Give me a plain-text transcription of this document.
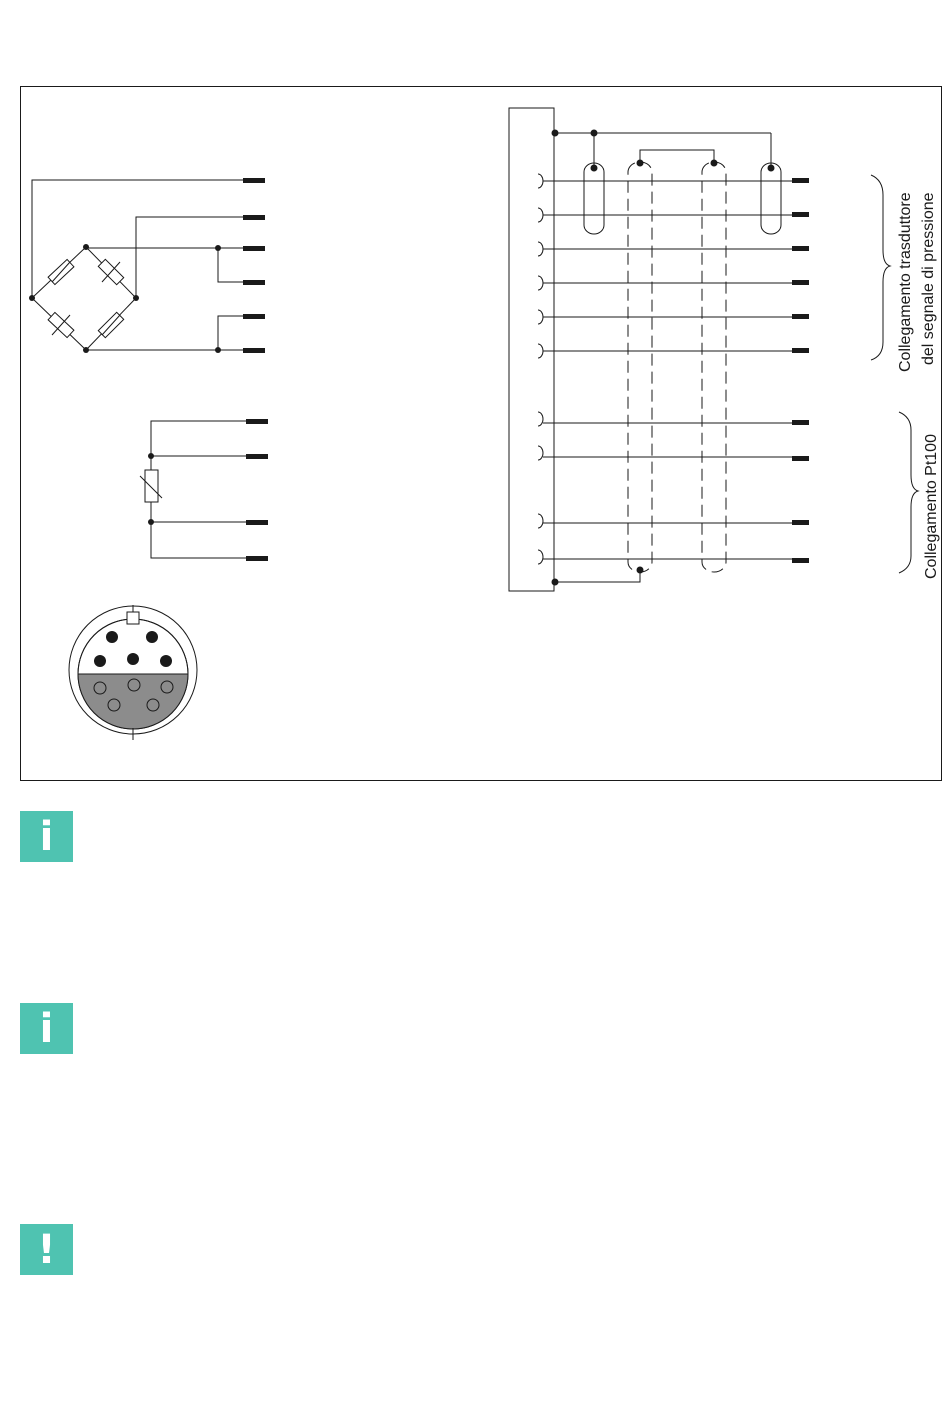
Collegamento trasduttore del segnale di pressione
Collegamento Pt100
i
i
!
